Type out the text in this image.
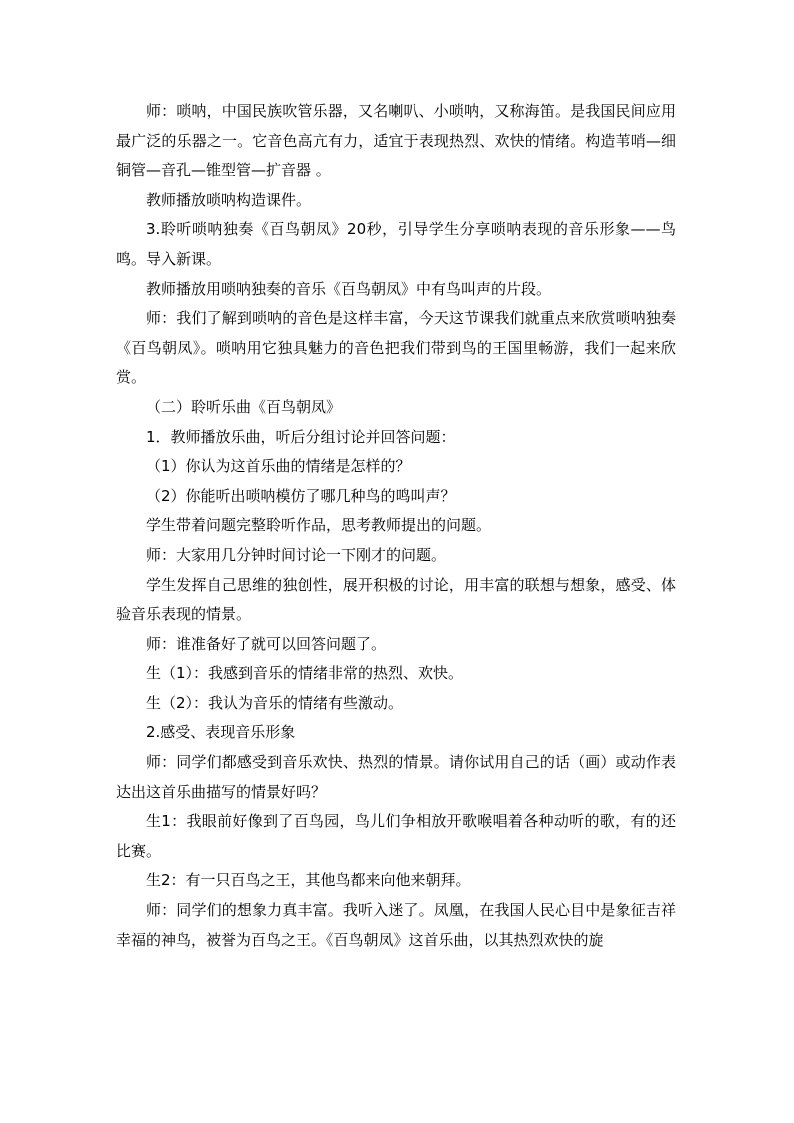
师：唢呐，中国民族吹管乐器，又名喇叭、小唢呐，又称海笛。是我国民间应用最广泛的乐器之一。它音色高亢有力，适宜于表现热烈、欢快的情绪。构造苇哨—细铜管—音孔—锥型管—扩音器 。

教师播放唢呐构造课件。

3.聆听唢呐独奏《百鸟朝凤》20秒，引导学生分享唢呐表现的音乐形象——鸟鸣。导入新课。

教师播放用唢呐独奏的音乐《百鸟朝凤》中有鸟叫声的片段。

师：我们了解到唢呐的音色是这样丰富，今天这节课我们就重点来欣赏唢呐独奏《百鸟朝凤》。唢呐用它独具魅力的音色把我们带到鸟的王国里畅游，我们一起来欣赏。

（二）聆听乐曲《百鸟朝凤》

1．教师播放乐曲，听后分组讨论并回答问题：

（1）你认为这首乐曲的情绪是怎样的？

（2）你能听出唢呐模仿了哪几种鸟的鸣叫声？

学生带着问题完整聆听作品，思考教师提出的问题。

师：大家用几分钟时间讨论一下刚才的问题。

学生发挥自己思维的独创性，展开积极的讨论，用丰富的联想与想象，感受、体验音乐表现的情景。

师：谁准备好了就可以回答问题了。

生（1）：我感到音乐的情绪非常的热烈、欢快。

生（2）：我认为音乐的情绪有些激动。

2.感受、表现音乐形象

师：同学们都感受到音乐欢快、热烈的情景。请你试用自己的话（画）或动作表达出这首乐曲描写的情景好吗？

生1：我眼前好像到了百鸟园，鸟儿们争相放开歌喉唱着各种动听的歌，有的还比赛。

生2：有一只百鸟之王，其他鸟都来向他来朝拜。

师：同学们的想象力真丰富。我听入迷了。凤凰，在我国人民心目中是象征吉祥幸福的神鸟，被誉为百鸟之王。《百鸟朝凤》这首乐曲，以其热烈欢快的旋
